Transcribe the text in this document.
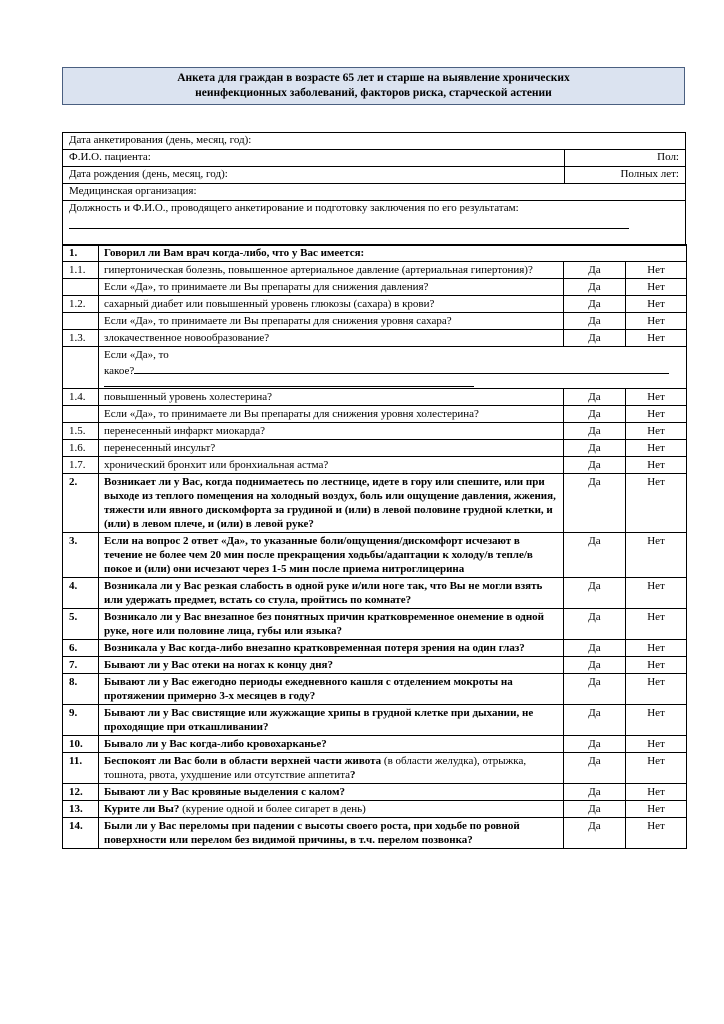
Анкета для граждан в возрасте 65 лет и старше на выявление хронических
неинфекционных заболеваний, факторов риска, старческой астении
Дата анкетирования (день, месяц, год):	
Ф.И.О. пациента:	Пол:
Дата рождения (день, месяц, год):	Полных лет:
Медицинская организация:	
Должность и Ф.И.О., проводящего анкетирование и подготовку заключения по его результатам:	
1.	Говорил ли Вам врач когда-либо, что у Вас имеется:		
1.1.	гипертоническая болезнь, повышенное артериальное давление (артериальная гипертония)?	Да	Нет
	Если «Да», то принимаете ли Вы препараты для снижения давления?	Да	Нет
1.2.	сахарный диабет или повышенный уровень глюкозы (сахара) в крови?	Да	Нет
	Если «Да», то принимаете ли Вы препараты для снижения уровня сахара?	Да	Нет
1.3.	злокачественное новообразование?	Да	Нет

	Если «Да», то
какое?		

1.4.	повышенный уровень холестерина?	Да	Нет
	Если «Да», то принимаете ли Вы препараты для снижения уровня холестерина?	Да	Нет
1.5.	перенесенный инфаркт миокарда?	Да	Нет
1.6.	перенесенный инсульт?	Да	Нет
1.7.	хронический бронхит или бронхиальная астма?	Да	Нет
2.	Возникает ли у Вас, когда поднимаетесь по лестнице, идете в гору или спешите, или при выходе из теплого помещения на холодный воздух, боль или ощущение давления, жжения, тяжести или явного дискомфорта за грудиной и (или) в левой половине грудной клетки, и (или) в левом плече, и (или) в левой руке?	Да	Нет
3.	Если на вопрос 2 ответ «Да», то указанные боли/ощущения/дискомфорт исчезают в течение не более чем 20 мин после прекращения ходьбы/адаптации к холоду/в тепле/в покое и (или) они исчезают через 1-5 мин после приема нитроглицерина	Да	Нет
4.	Возникала ли у Вас резкая слабость в одной руке и/или ноге так, что Вы не могли взять или удержать предмет, встать со стула, пройтись по комнате?	Да	Нет
5.	Возникало ли у Вас внезапное без понятных причин кратковременное онемение в одной руке, ноге или половине лица, губы или языка?	Да	Нет
6.	Возникала у Вас когда-либо внезапно кратковременная потеря зрения на один глаз?	Да	Нет
7.	Бывают ли у Вас отеки на ногах к концу дня?	Да	Нет
8.	Бывают ли у Вас ежегодно периоды ежедневного кашля с отделением мокроты на протяжении примерно 3-х месяцев в году?	Да	Нет
9.	Бывают ли у Вас свистящие или жужжащие хрипы в грудной клетке при дыхании, не проходящие при откашливании?	Да	Нет
10.	Бывало ли у Вас когда-либо кровохарканье?	Да	Нет
11.	Беспокоят ли Вас боли в области верхней части живота (в области желудка), отрыжка, тошнота, рвота, ухудшение или отсутствие аппетита?	Да	Нет
12.	Бывают ли у Вас кровяные выделения с калом?	Да	Нет
13.	Курите ли Вы? (курение одной и более сигарет в день)	Да	Нет
14.	Были ли у Вас переломы при падении с высоты своего роста, при ходьбе по ровной поверхности или перелом без видимой причины, в т.ч. перелом позвонка?	Да	Нет
